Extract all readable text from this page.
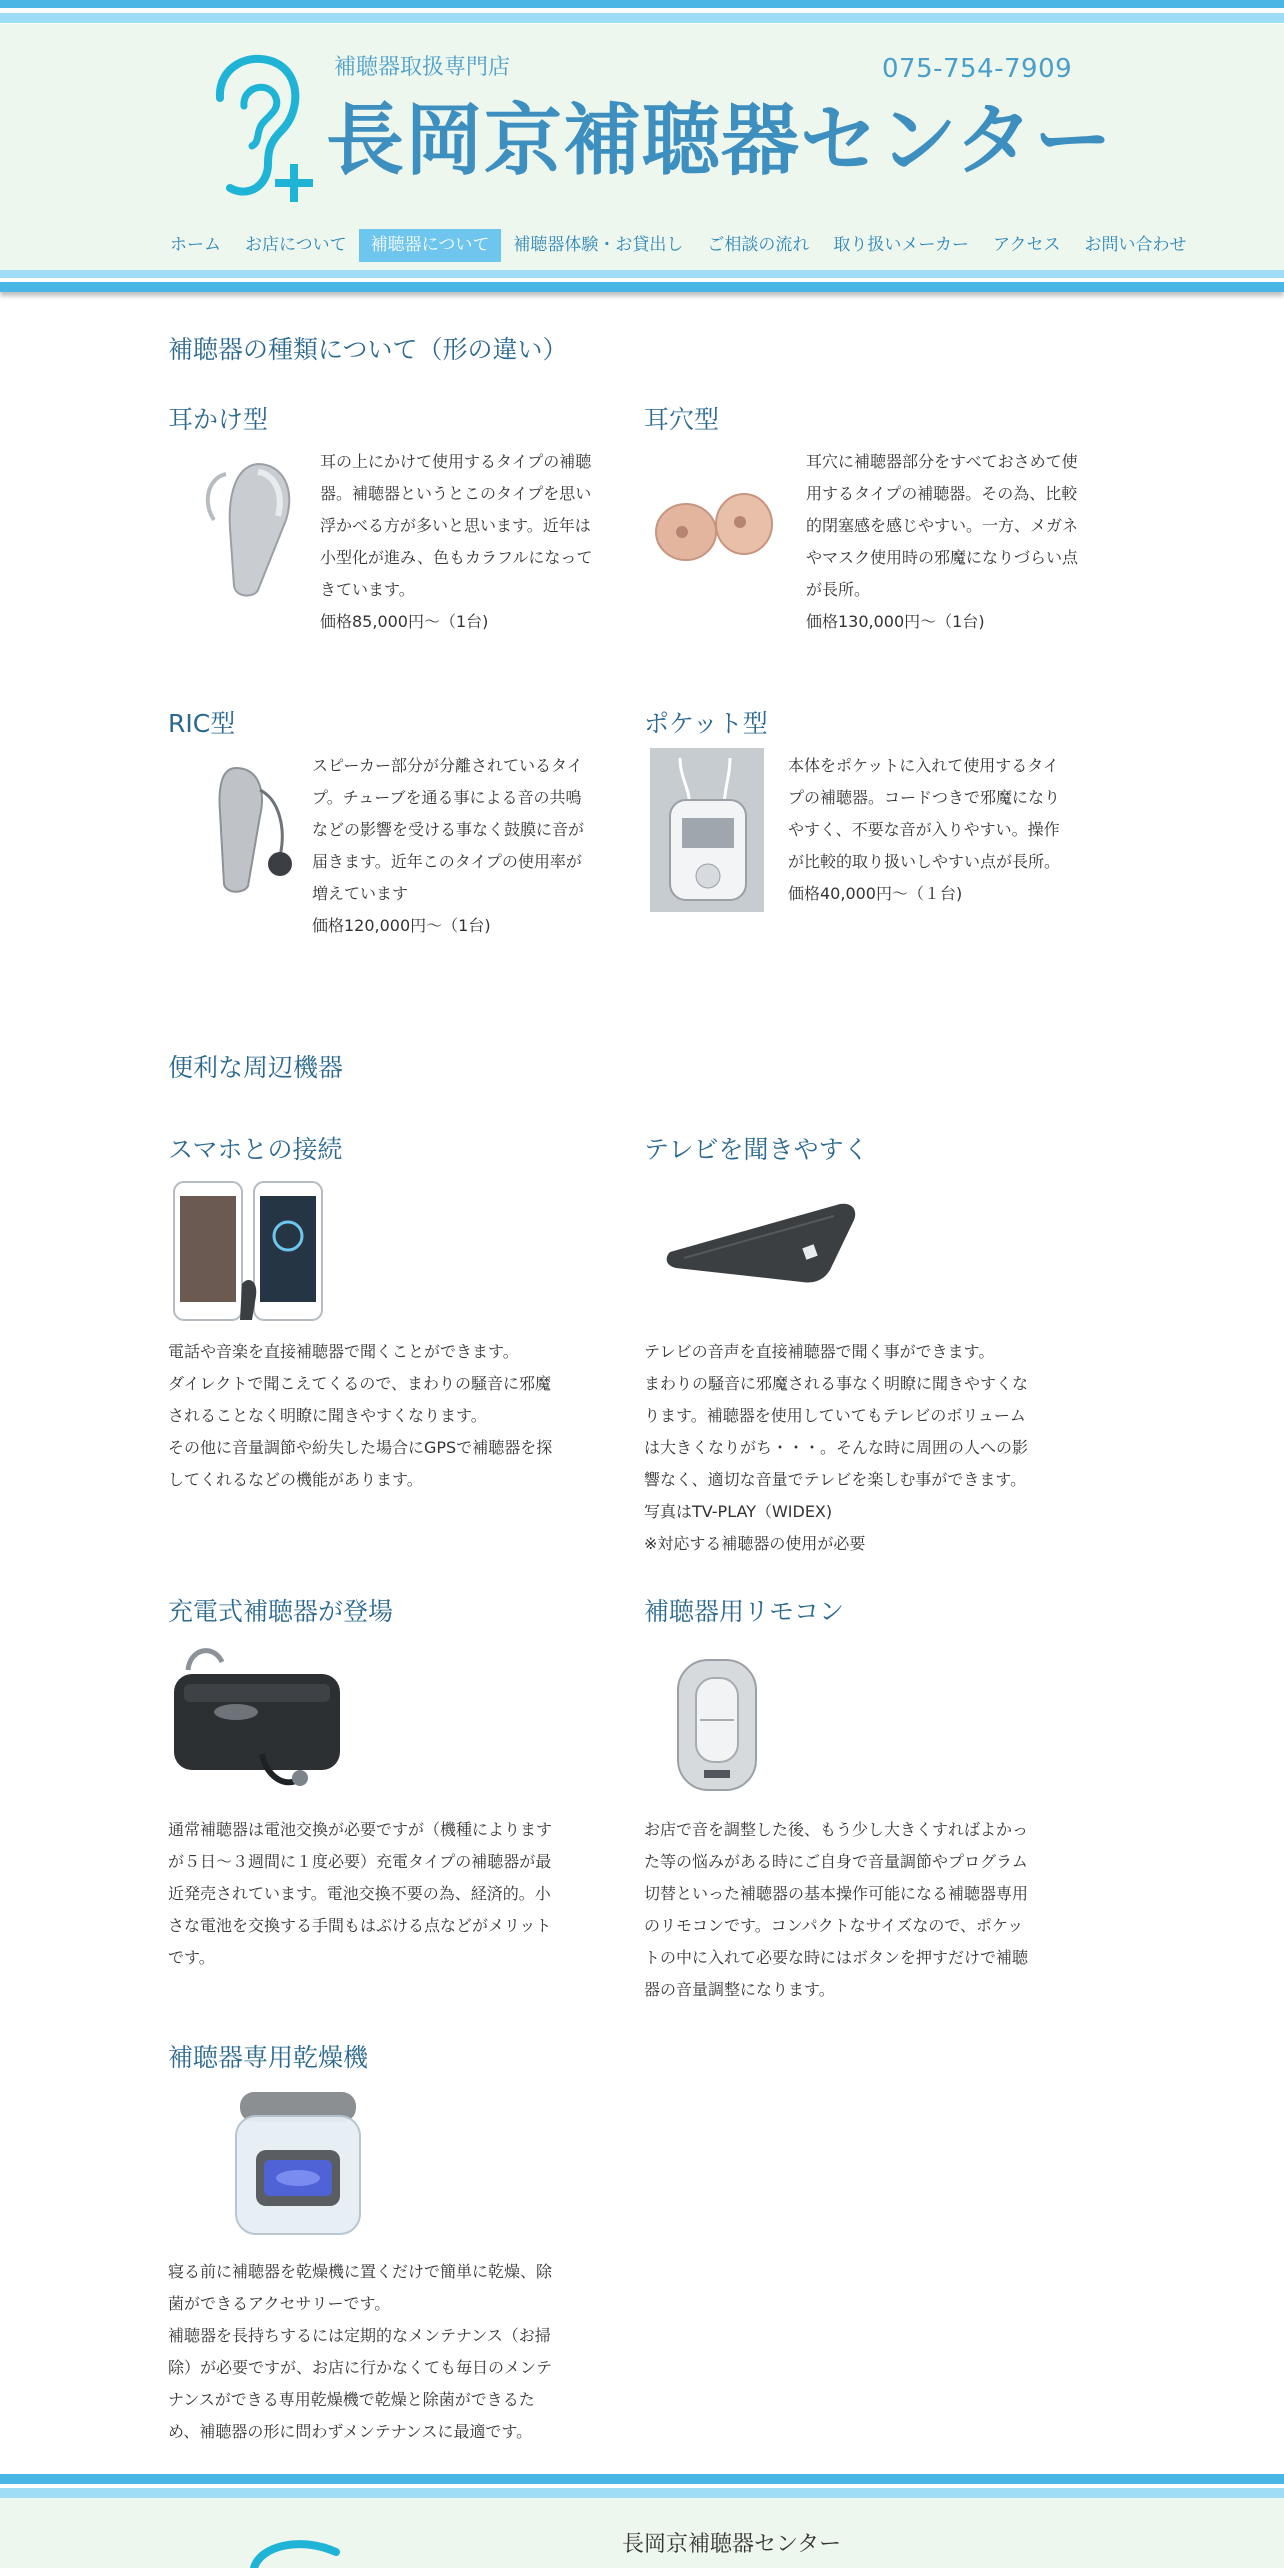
補聴器取扱専門店	075-754-7909
長岡京補聴器センター
ホーム	お店について	補聴器について	補聴器体験・お貸出し	ご相談の流れ	取り扱いメーカー	アクセス	お問い合わせ
補聴器の種類について（形の違い）
耳かけ型
耳の上にかけて使用するタイプの補聴
器。補聴器というとこのタイプを思い
浮かべる方が多いと思います。近年は
小型化が進み、色もカラフルになって
きています。
価格85,000円〜（1台)
耳穴型
耳穴に補聴器部分をすべておさめて使
用するタイプの補聴器。その為、比較
的閉塞感を感じやすい。一方、メガネ
やマスク使用時の邪魔になりづらい点
が長所。
価格130,000円〜（1台)
RIC型
スピーカー部分が分離されているタイ
プ。チューブを通る事による音の共鳴
などの影響を受ける事なく鼓膜に音が
届きます。近年このタイプの使用率が
増えています
価格120,000円〜（1台)
ポケット型
本体をポケットに入れて使用するタイ
プの補聴器。コードつきで邪魔になり
やすく、不要な音が入りやすい。操作
が比較的取り扱いしやすい点が長所。
価格40,000円〜（１台)
便利な周辺機器
スマホとの接続
電話や音楽を直接補聴器で聞くことができます。
ダイレクトで聞こえてくるので、まわりの騒音に邪魔
されることなく明瞭に聞きやすくなります。
その他に音量調節や紛失した場合にGPSで補聴器を探
してくれるなどの機能があります。
テレビを聞きやすく
テレビの音声を直接補聴器で聞く事ができます。
まわりの騒音に邪魔される事なく明瞭に聞きやすくな
ります。補聴器を使用していてもテレビのボリューム
は大きくなりがち・・・。そんな時に周囲の人への影
響なく、適切な音量でテレビを楽しむ事ができます。
写真はTV-PLAY（WIDEX)
※対応する補聴器の使用が必要
充電式補聴器が登場
通常補聴器は電池交換が必要ですが（機種によります
が５日〜３週間に１度必要）充電タイプの補聴器が最
近発売されています。電池交換不要の為、経済的。小
さな電池を交換する手間もはぶける点などがメリット
です。
補聴器用リモコン
お店で音を調整した後、もう少し大きくすればよかっ
た等の悩みがある時にご自身で音量調節やプログラム
切替といった補聴器の基本操作可能になる補聴器専用
のリモコンです。コンパクトなサイズなので、ポケッ
トの中に入れて必要な時にはボタンを押すだけで補聴
器の音量調整になります。
補聴器専用乾燥機
寝る前に補聴器を乾燥機に置くだけで簡単に乾燥、除
菌ができるアクセサリーです。
補聴器を長持ちするには定期的なメンテナンス（お掃
除）が必要ですが、お店に行かなくても毎日のメンテ
ナンスができる専用乾燥機で乾燥と除菌ができるた
め、補聴器の形に問わずメンテナンスに最適です。
長岡京補聴器センター
